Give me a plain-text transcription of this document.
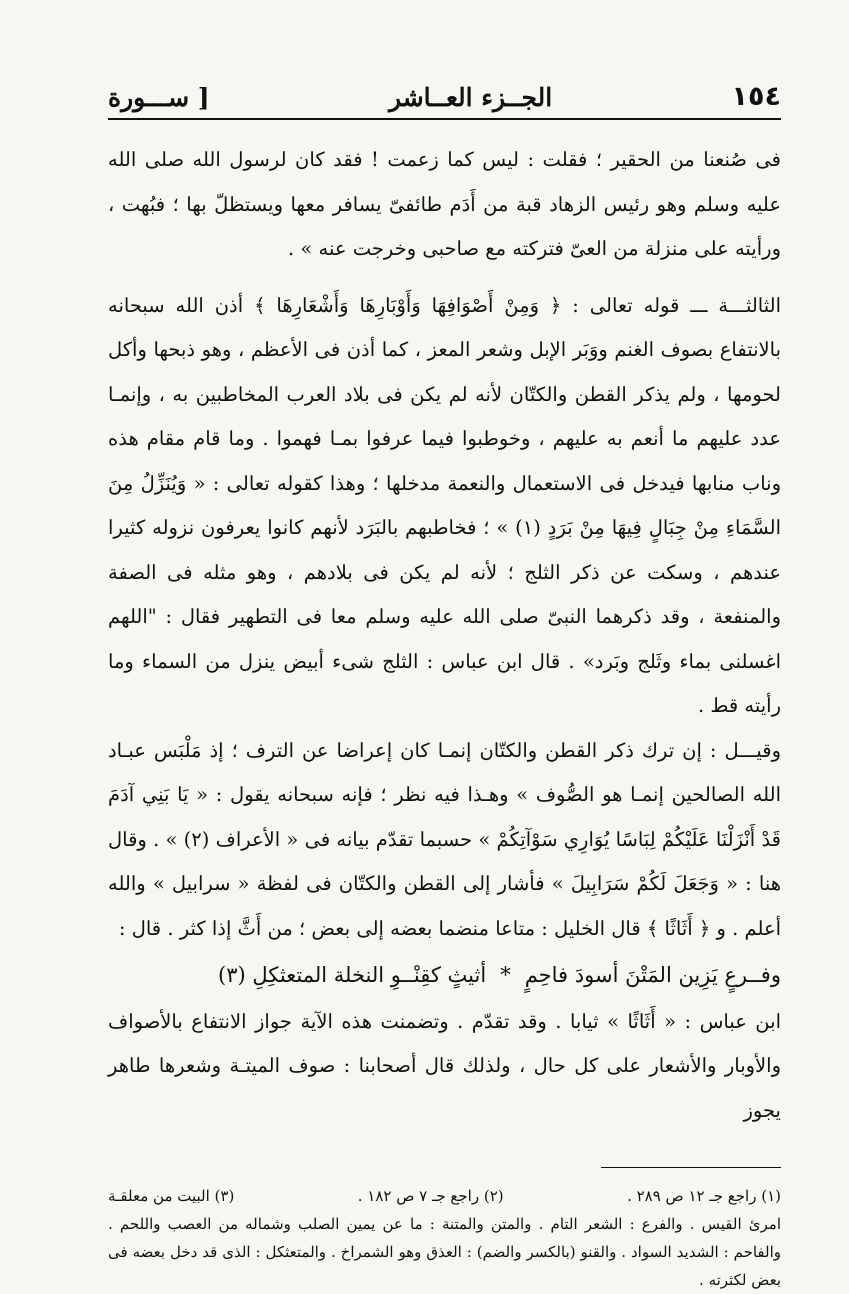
١٥٤
الجــزء العــاشر
[ ســـورة

فى صُنعنا من الحقير ؛ فقلت : ليس كما زعمت ! فقد كان لرسول الله صلى الله عليه وسلم وهو رئيس الزهاد قبة من أَدَم طائفىّ يسافر معها ويستظلّ بها ؛ فبُهت ، ورأيته على منزلة من العىّ فتركته مع صاحبى وخرجت عنه » .

الثالثـــة ـــ قوله تعالى : ﴿ وَمِنْ أَصْوَافِهَا وَأَوْبَارِهَا وَأَشْعَارِهَا ﴾ أذن الله سبحانه بالانتفاع بصوف الغنم ووَبَر الإبل وشعر المعز ، كما أذن فى الأعظم ، وهو ذبحها وأكل لحومها ، ولم يذكر القطن والكتّان لأنه لم يكن فى بلاد العرب المخاطبين به ، وإنمـا عدد عليهم ما أنعم به عليهم ، وخوطبوا فيما عرفوا بمـا فهموا . وما قام مقام هذه وناب منابها فيدخل فى الاستعمال والنعمة مدخلها ؛ وهذا كقوله تعالى : « وَيُنَزِّلُ مِنَ السَّمَاءِ مِنْ جِبَالٍ فِيهَا مِنْ بَرَدٍ (١) » ؛ فخاطبهم بالبَرَد لأنهم كانوا يعرفون نزوله كثيرا عندهم ، وسكت عن ذكر الثلج ؛ لأنه لم يكن فى بلادهم ، وهو مثله فى الصفة والمنفعة ، وقد ذكرهما النبىّ صلى الله عليه وسلم معا فى التطهير فقال : "اللهم اغسلنى بماء وثَلج وبَرد» . قال ابن عباس : الثلج شىء أبيض ينزل من السماء وما رأيته قط .

وقيـــل : إن ترك ذكر القطن والكتّان إنمـا كان إعراضا عن الترف ؛ إذ مَلْبَس عبـاد الله الصالحين إنمـا هو الصُّوف » وهـذا فيه نظر ؛ فإنه سبحانه يقول : « يَا بَنِي آدَمَ قَدْ أَنْزَلْنَا عَلَيْكُمْ لِبَاسًا يُوَارِي سَوْآتِكُمْ » حسبما تقدّم بيانه فى « الأعراف (٢) » . وقال هنا : « وَجَعَلَ لَكُمْ سَرَابِيلَ » فأشار إلى القطن والكتّان فى لفظة « سرابيل » والله أعلم . و ﴿ أَثَاثًا ﴾ قال الخليل : متاعا منضما بعضه إلى بعض ؛ من أَثَّ إذا كثر . قال :

وفــرعٍ يَزِين المَتْنَ أسودَ فاحِمٍ*أثيثٍ كقِنْــوِ النخلة المتعثكِلِ (٣)

ابن عباس : « أَثَاثًا » ثيابا . وقد تقدّم . وتضمنت هذه الآية جواز الانتفاع بالأصواف والأوبار والأشعار على كل حال ، ولذلك قال أصحابنا : صوف الميتـة وشعرها طاهر يجوز

(١) راجع جـ ١٢ ص ٢٨٩ .
(٢) راجع جـ ٧ ص ١٨٢ .
(٣) البيت من معلقـة

امرئ القيس . والفرع : الشعر التام . والمتن والمتنة : ما عن يمين الصلب وشماله من العصب واللحم . والفاحم : الشديد السواد . والقنو (بالكسر والضم) : العذق وهو الشمراخ . والمتعثكل : الذى قد دخل بعضه فى بعض لكثرته .
